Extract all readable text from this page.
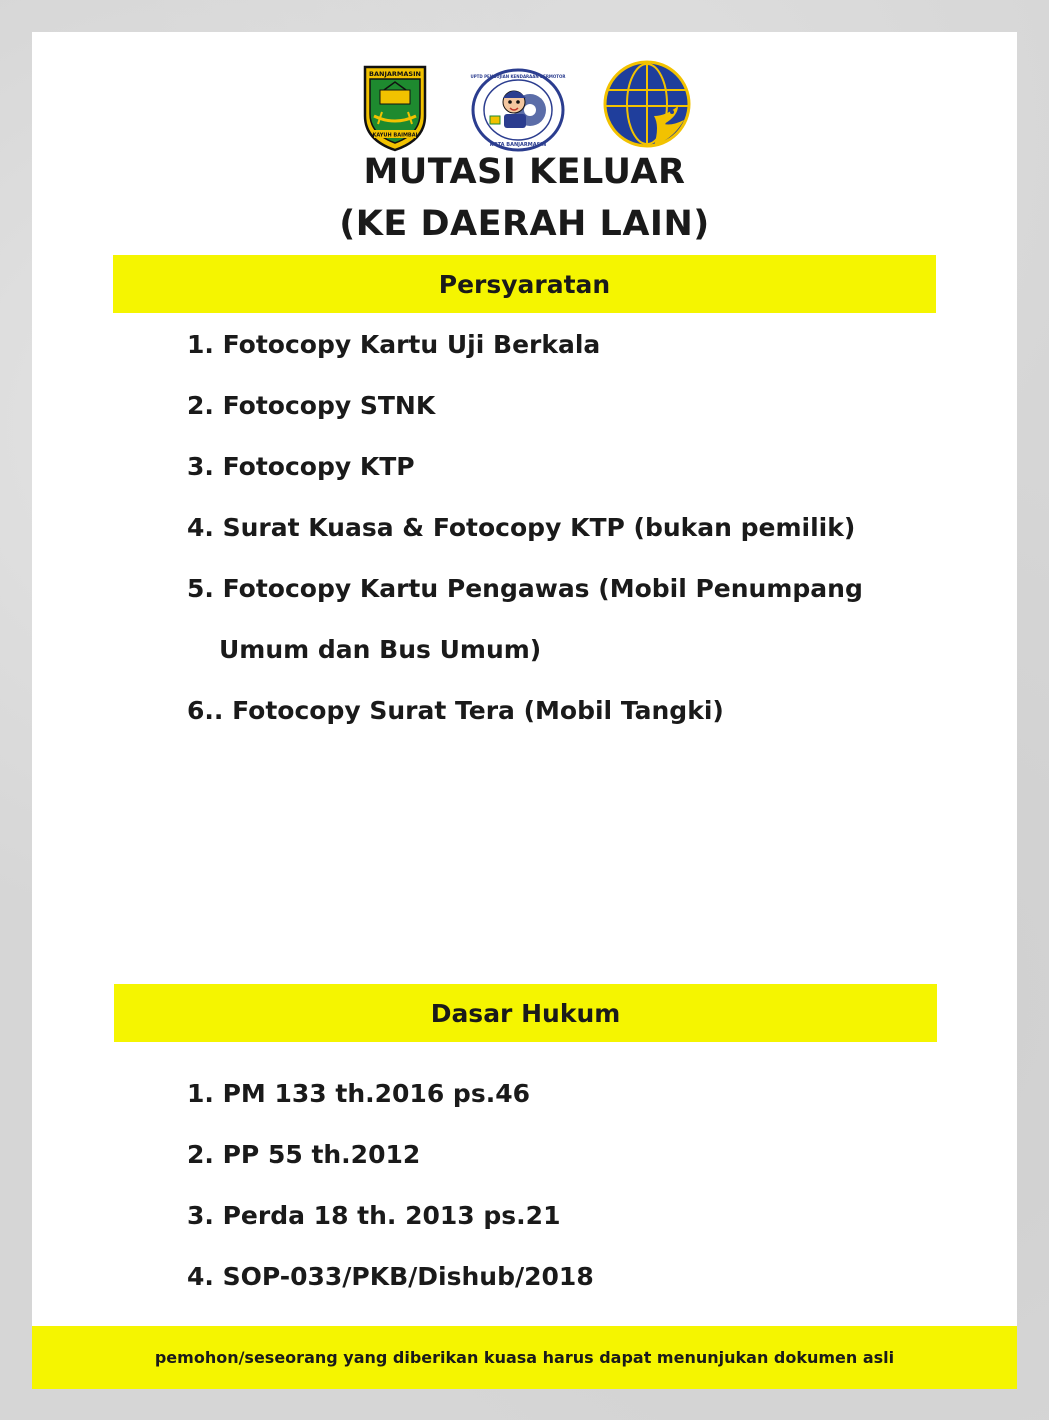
BANJARMASIN
KAYUH BAIMBAI
UPTD PENGUJIAN KENDARAAN BERMOTOR
KOTA BANJARMASIN
MUTASI KELUAR
(KE DAERAH LAIN)
Persyaratan
1. Fotocopy Kartu Uji Berkala
2. Fotocopy STNK
3. Fotocopy KTP
4. Surat Kuasa & Fotocopy KTP (bukan pemilik)
5. Fotocopy Kartu Pengawas (Mobil Penumpang
Umum dan Bus Umum)
6.. Fotocopy Surat Tera (Mobil Tangki)
Dasar Hukum
1. PM 133 th.2016 ps.46
2. PP 55 th.2012
3. Perda 18 th. 2013 ps.21
4. SOP-033/PKB/Dishub/2018
pemohon/seseorang yang diberikan kuasa harus dapat menunjukan dokumen asli
